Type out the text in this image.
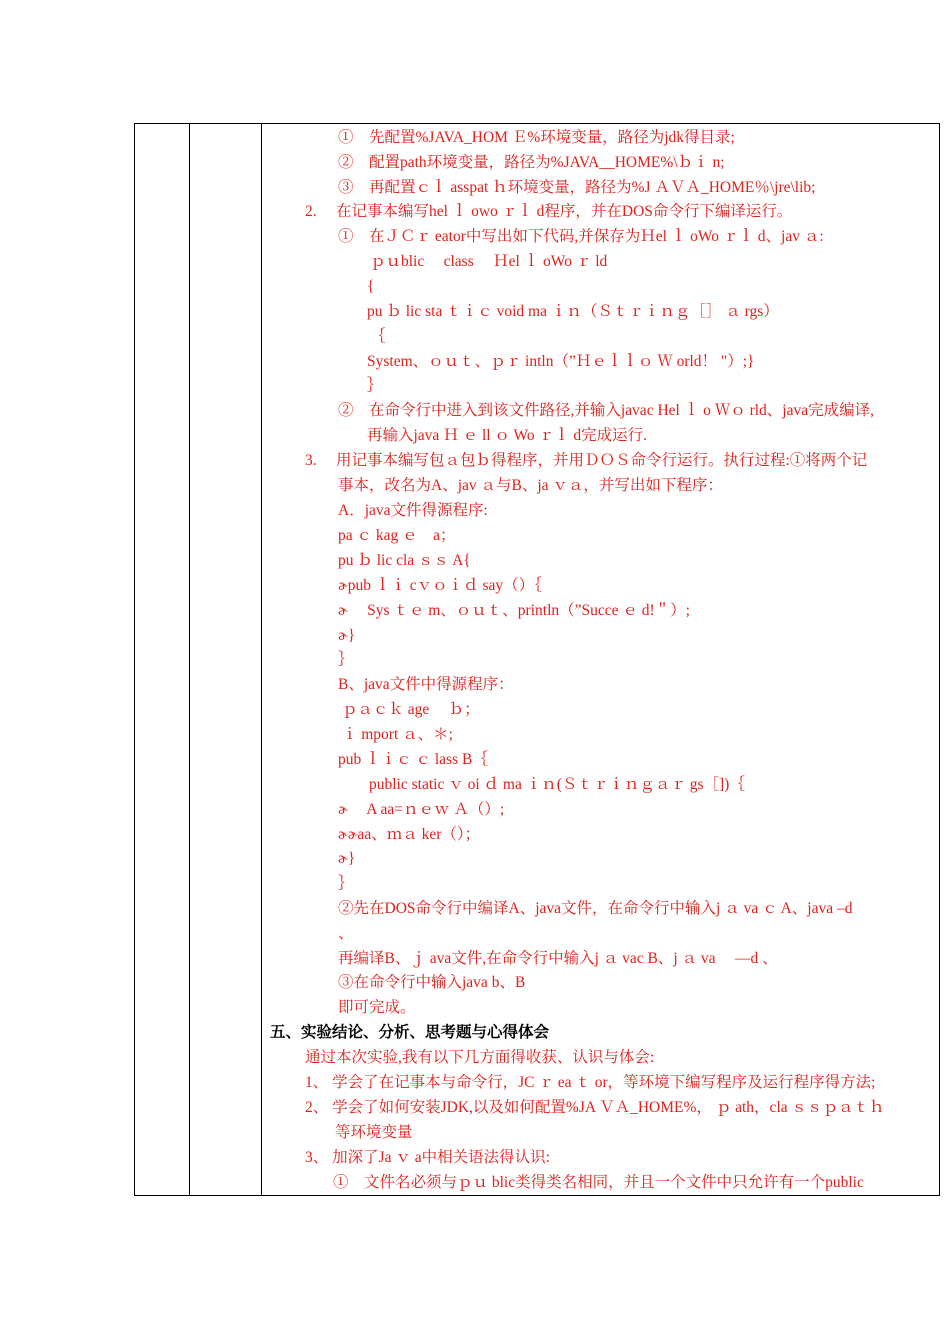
①　先配置%JAVA_HOM Ｅ%环境变量，路径为jdk得目录;
②　配置path环境变量，路径为%JAVA__HOME%\ｂｉ n;
③　再配置ｃｌ asspat ｈ环境变量，路径为%J ＡＶＡ_HOME％\jre\lib;
2.　 在记事本编写hel ｌ owo ｒｌ d程序，并在DOS命令行下编译运行。
①　在ＪＣｒ eator中写出如下代码,并保存为Ｈel ｌ oWo ｒｌ d、jav ａ:
ｐｕblic　 class　 Ｈel ｌ oWo ｒ ld
{
pu ｂ lic sta ｔｉｃ void ma ｉｎ（Ｓｔｒｉｎｇ［］ ａ rgs）
｛
System、ｏｕｔ、ｐｒ intln（”Ｈｅｌｌｏ Ｗ orld！ "）;}
｝
②　在命令行中进入到该文件路径,并输入javac Hel ｌ o Ｗｏ rld、java完成编译,
再输入java Ｈ ｅ ll ｏ Wo ｒｌ d完成运行.
3.　 用记事本编写包ａ包ｂ得程序，并用ＤＯＳ命令行运行。执行过程:①将两个记
事本，改名为A、jav ａ与B、ja ｖａ，并写出如下程序：
A．java文件得源程序:
pa ｃ kag ｅ　a；
pu ｂ lic cla ｓｓ A{
ɚpub ｌｉ cｖｏｉｄ say（）｛
ɚ　 Sys ｔｅ m、ｏｕｔ、println（”Succe ｅ d!＂）;
ɚ}
｝
B、java文件中得源程序：
ｐａｃｋ age　 ｂ；
ｉ mport ａ、＊;
pub ｌｉｃ ｃ lass B｛
　　public static ｖ oi ｄ ma ｉｎ(Ｓｔｒｉｎｇａｒ gs［])｛
ɚ　 A aa=ｎｅｗ Ａ（）;
ɚɚaa、ｍａ ker（）；
ɚ}
｝
②先在DOS命令行中编译A、java文件，在命令行中输入j ａ va ｃ A、java –d
、
再编译B、ｊ ava文件,在命令行中输入j ａ vac B、j ａ va　 —d 、
③在命令行中输入java b、B
即可完成。
五、实验结论、分析、思考题与心得体会
通过本次实验,我有以下几方面得收获、认识与体会:
1、 学会了在记事本与命令行，JC ｒ ea ｔ or，等环境下编写程序及运行程序得方法;
2、 学会了如何安装JDK,以及如何配置%JA ＶＡ_HOME%， ｐ ath，cla ｓｓｐａｔｈ
等环境变量
3、 加深了Ja ｖ a中相关语法得认识:
①　文件名必须与ｐｕ blic类得类名相同，并且一个文件中只允许有一个public
